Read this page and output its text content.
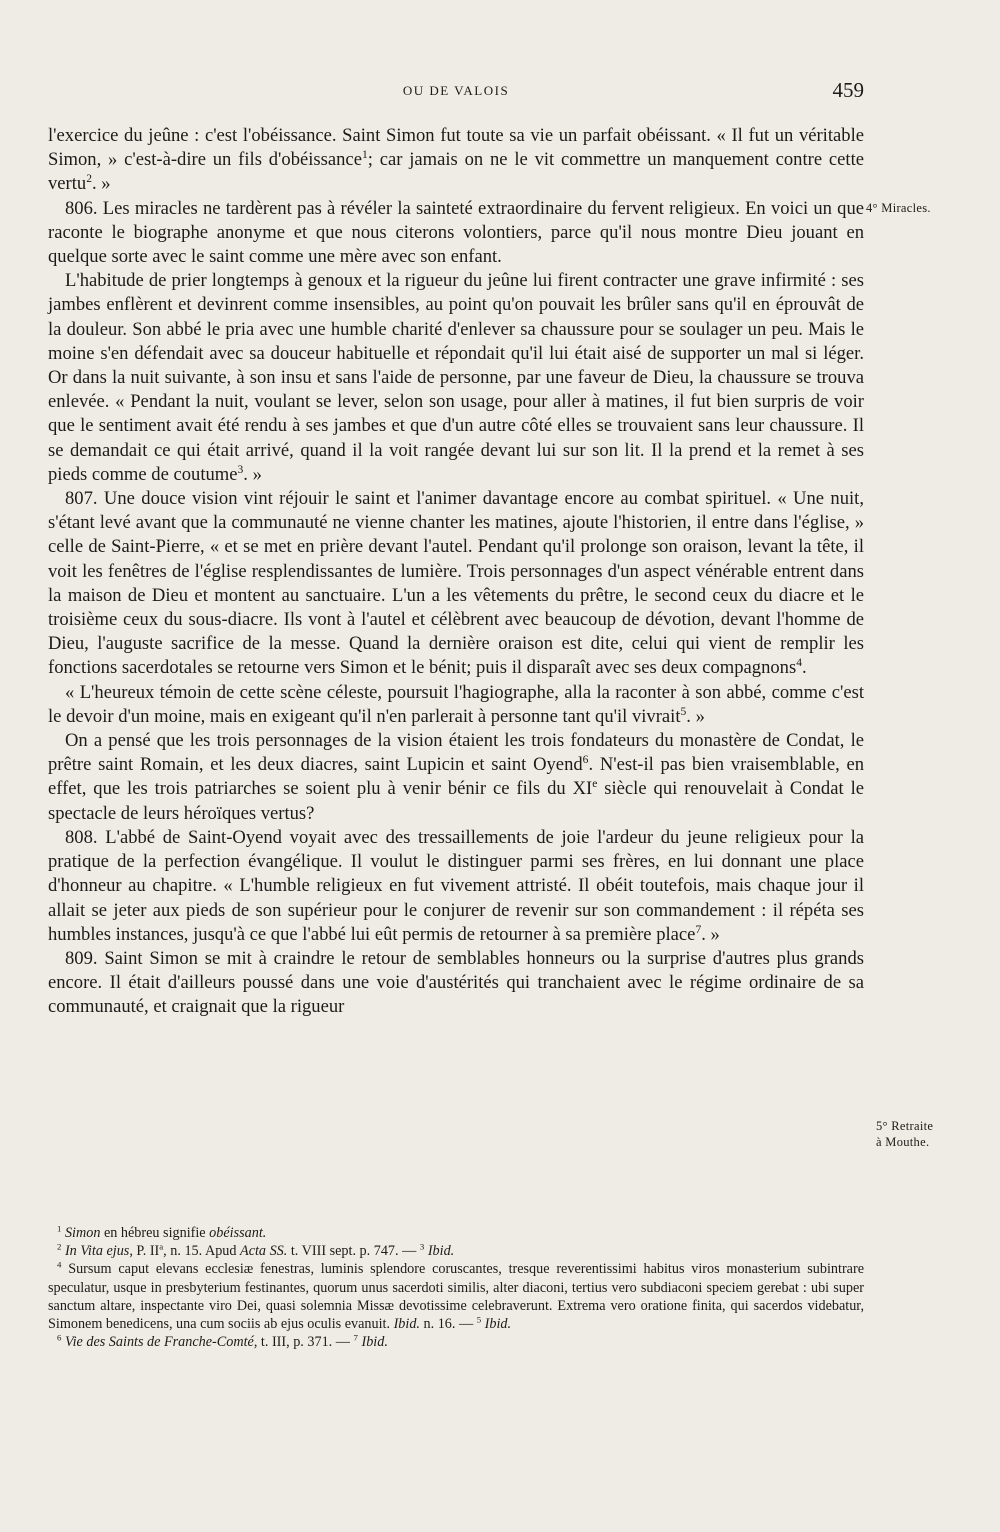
OU DE VALOIS	459
4° Miracles.
5° Retraite
à Mouthe.

l'exercice du jeûne : c'est l'obéissance. Saint Simon fut toute sa vie un parfait obéissant. « Il fut un véritable Simon, » c'est-à-dire un fils d'obéissance$^1$; car jamais on ne le vit commettre un manquement contre cette vertu$^2$. »

806. Les miracles ne tardèrent pas à révéler la sainteté extraordinaire du fervent religieux. En voici un que raconte le biographe anonyme et que nous citerons volontiers, parce qu'il nous montre Dieu jouant en quelque sorte avec le saint comme une mère avec son enfant.

L'habitude de prier longtemps à genoux et la rigueur du jeûne lui firent contracter une grave infirmité : ses jambes enflèrent et devinrent comme insensibles, au point qu'on pouvait les brûler sans qu'il en éprouvât de la douleur. Son abbé le pria avec une humble charité d'enlever sa chaussure pour se soulager un peu. Mais le moine s'en défendait avec sa douceur habituelle et répondait qu'il lui était aisé de supporter un mal si léger. Or dans la nuit suivante, à son insu et sans l'aide de personne, par une faveur de Dieu, la chaussure se trouva enlevée. « Pendant la nuit, voulant se lever, selon son usage, pour aller à matines, il fut bien surpris de voir que le sentiment avait été rendu à ses jambes et que d'un autre côté elles se trouvaient sans leur chaussure. Il se demandait ce qui était arrivé, quand il la voit rangée devant lui sur son lit. Il la prend et la remet à ses pieds comme de coutume$^3$. »

807. Une douce vision vint réjouir le saint et l'animer davantage encore au combat spirituel. « Une nuit, s'étant levé avant que la communauté ne vienne chanter les matines, ajoute l'historien, il entre dans l'église, » celle de Saint-Pierre, « et se met en prière devant l'autel. Pendant qu'il prolonge son oraison, levant la tête, il voit les fenêtres de l'église resplendissantes de lumière. Trois personnages d'un aspect vénérable entrent dans la maison de Dieu et montent au sanctuaire. L'un a les vêtements du prêtre, le second ceux du diacre et le troisième ceux du sous-diacre. Ils vont à l'autel et célèbrent avec beaucoup de dévotion, devant l'homme de Dieu, l'auguste sacrifice de la messe. Quand la dernière oraison est dite, celui qui vient de remplir les fonctions sacerdotales se retourne vers Simon et le bénit; puis il disparaît avec ses deux compagnons$^4$.

« L'heureux témoin de cette scène céleste, poursuit l'hagiographe, alla la raconter à son abbé, comme c'est le devoir d'un moine, mais en exigeant qu'il n'en parlerait à personne tant qu'il vivrait$^5$. »

On a pensé que les trois personnages de la vision étaient les trois fondateurs du monastère de Condat, le prêtre saint Romain, et les deux diacres, saint Lupicin et saint Oyend$^6$. N'est-il pas bien vraisemblable, en effet, que les trois patriarches se soient plu à venir bénir ce fils du XIe siècle qui renouvelait à Condat le spectacle de leurs héroïques vertus?

808. L'abbé de Saint-Oyend voyait avec des tressaillements de joie l'ardeur du jeune religieux pour la pratique de la perfection évangélique. Il voulut le distinguer parmi ses frères, en lui donnant une place d'honneur au chapitre. « L'humble religieux en fut vivement attristé. Il obéit toutefois, mais chaque jour il allait se jeter aux pieds de son supérieur pour le conjurer de revenir sur son commandement : il répéta ses humbles instances, jusqu'à ce que l'abbé lui eût permis de retourner à sa première place$^7$. »

809. Saint Simon se mit à craindre le retour de semblables honneurs ou la surprise d'autres plus grands encore. Il était d'ailleurs poussé dans une voie d'austérités qui tranchaient avec le régime ordinaire de sa communauté, et craignait que la rigueur

$^1$ Simon en hébreu signifie obéissant.

$^2$ In Vita ejus, P. $II^a$, n. 15. Apud Acta SS. t. VIII sept. p. 747. — $^3$ Ibid.

$^4$ Sursum caput elevans ecclesiæ fenestras, luminis splendore coruscantes, tresque reverentissimi habitus viros monasterium subintrare speculatur, usque in presbyterium festinantes, quorum unus sacerdoti similis, alter diaconi, tertius vero subdiaconi speciem gerebat : ubi super sanctum altare, inspectante viro Dei, quasi solemnia Missæ devotissime celebraverunt. Extrema vero oratione finita, qui sacerdos videbatur, Simonem benedicens, una cum sociis ab ejus oculis evanuit. Ibid. n. 16. — $^5$ Ibid.

$^6$ Vie des Saints de Franche-Comté, t. III, p. 371. — $^7$ Ibid.
